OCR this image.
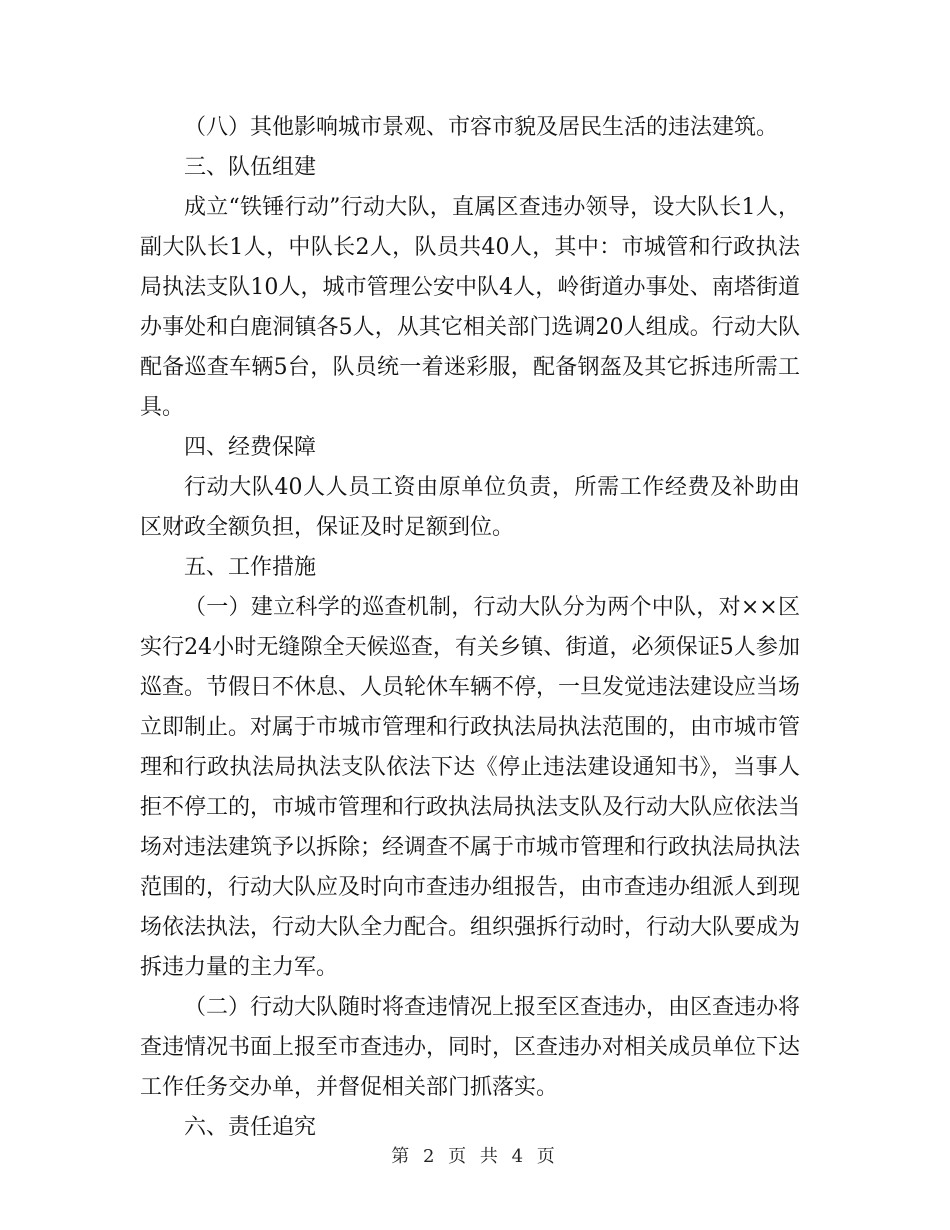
（八）其他影响城市景观、市容市貌及居民生活的违法建筑。

三、队伍组建

成立“铁锤行动”行动大队，直属区查违办领导，设大队长1人，副大队长1人，中队长2人，队员共40人，其中：市城管和行政执法局执法支队10人，城市管理公安中队4人，岭街道办事处、南塔街道办事处和白鹿洞镇各5人，从其它相关部门选调20人组成。行动大队配备巡查车辆5台，队员统一着迷彩服，配备钢盔及其它拆违所需工具。

四、经费保障

行动大队40人人员工资由原单位负责，所需工作经费及补助由区财政全额负担，保证及时足额到位。

五、工作措施

（一）建立科学的巡查机制，行动大队分为两个中队，对××区实行24小时无缝隙全天候巡查，有关乡镇、街道，必须保证5人参加巡查。节假日不休息、人员轮休车辆不停，一旦发觉违法建设应当场立即制止。对属于市城市管理和行政执法局执法范围的，由市城市管理和行政执法局执法支队依法下达《停止违法建设通知书》，当事人拒不停工的，市城市管理和行政执法局执法支队及行动大队应依法当场对违法建筑予以拆除；经调查不属于市城市管理和行政执法局执法范围的，行动大队应及时向市查违办组报告，由市查违办组派人到现场依法执法，行动大队全力配合。组织强拆行动时，行动大队要成为拆违力量的主力军。

（二）行动大队随时将查违情况上报至区查违办，由区查违办将查违情况书面上报至市查违办，同时，区查违办对相关成员单位下达工作任务交办单，并督促相关部门抓落实。

六、责任追究
第 2 页 共 4 页
